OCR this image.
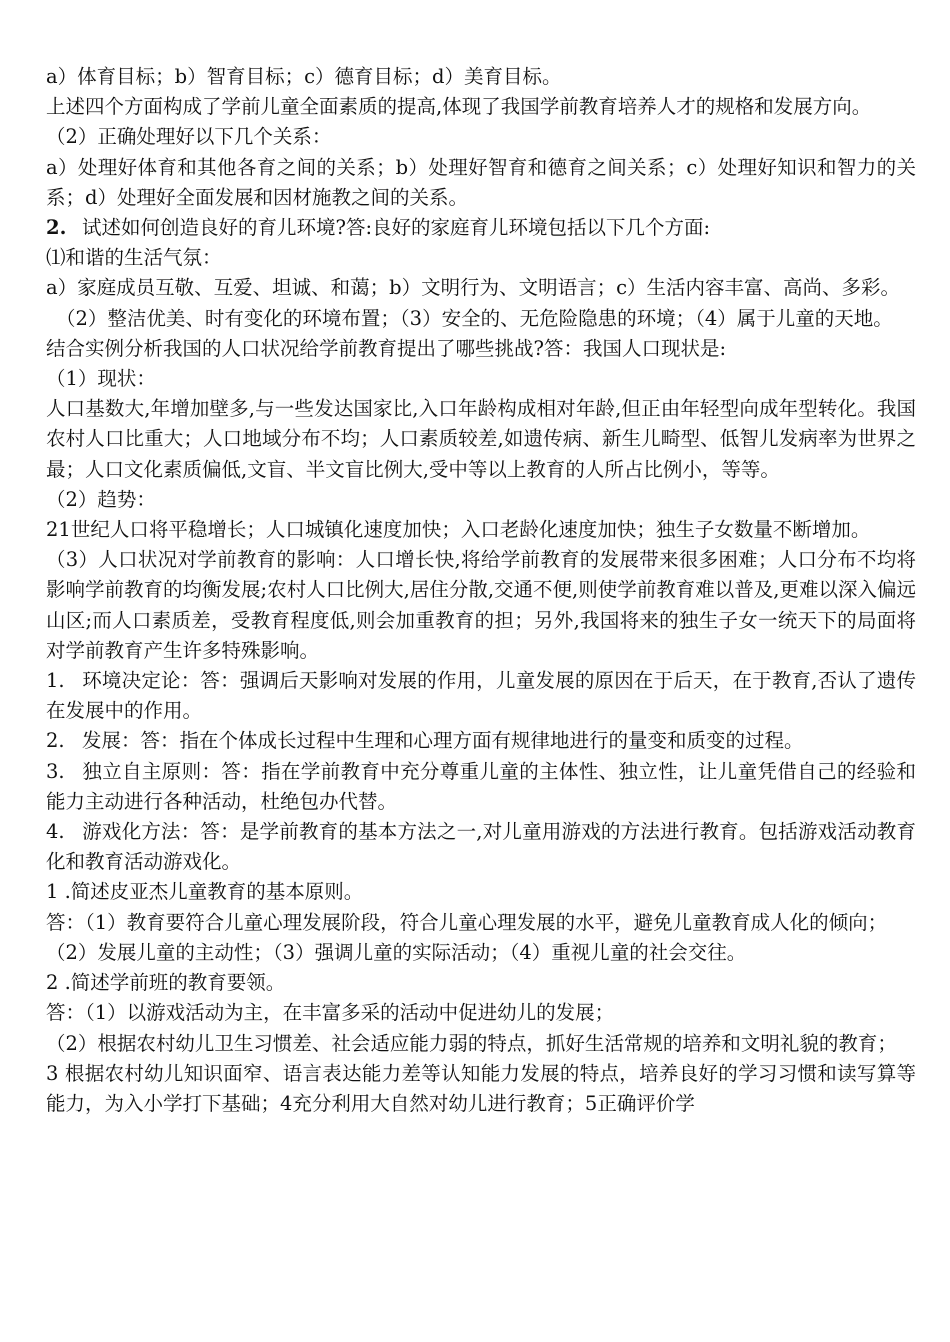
a）体育目标；b）智育目标；c）德育目标；d）美育目标。

上述四个方面构成了学前儿童全面素质的提高,体现了我国学前教育培养人才的规格和发展方向。

（2）正确处理好以下几个关系：

a）处理好体育和其他各育之间的关系；b）处理好智育和德育之间关系；c）处理好知识和智力的关系；d）处理好全面发展和因材施教之间的关系。

2. 试述如何创造良好的育儿环境?答:良好的家庭育儿环境包括以下几个方面:

⑴和谐的生活气氛：

a）家庭成员互敬、互爱、坦诚、和蔼；b）文明行为、文明语言；c）生活内容丰富、高尚、多彩。

（2）整洁优美、时有变化的环境布置；（3）安全的、无危险隐患的环境；（4）属于儿童的天地。

结合实例分析我国的人口状况给学前教育提出了哪些挑战?答：我国人口现状是:

（1）现状：

人口基数大,年增加壁多,与一些发达国家比,入口年龄构成相对年龄,但正由年轻型向成年型转化。我国农村人口比重大；人口地域分布不均；人口素质较差,如遗传病、新生儿畸型、低智儿发病率为世界之最；人口文化素质偏低,文盲、半文盲比例大,受中等以上教育的人所占比例小，等等。

（2）趋势：

21世纪人口将平稳增长；人口城镇化速度加快；入口老龄化速度加快；独生子女数量不断增加。

（3）人口状况对学前教育的影响：人口增长快,将给学前教育的发展带来很多困难；人口分布不均将影响学前教育的均衡发展;农村人口比例大,居住分散,交通不便,则使学前教育难以普及,更难以深入偏远山区;而人口素质差，受教育程度低,则会加重教育的担；另外,我国将来的独生子女一统天下的局面将对学前教育产生许多特殊影响。

1. 环境决定论：答：强调后天影响对发展的作用，儿童发展的原因在于后天，在于教育,否认了遗传在发展中的作用。

2. 发展：答：指在个体成长过程中生理和心理方面有规律地进行的量变和质变的过程。

3. 独立自主原则：答：指在学前教育中充分尊重儿童的主体性、独立性，让儿童凭借自己的经验和能力主动进行各种活动，杜绝包办代替。

4. 游戏化方法：答：是学前教育的基本方法之一,对儿童用游戏的方法进行教育。包括游戏活动教育化和教育活动游戏化。

1 .简述皮亚杰儿童教育的基本原则。

答：（1）教育要符合儿童心理发展阶段，符合儿童心理发展的水平，避免儿童教育成人化的倾向；

（2）发展儿童的主动性；（3）强调儿童的实际活动；（4）重视儿童的社会交往。

2 .简述学前班的教育要领。

答：（1）以游戏活动为主，在丰富多采的活动中促进幼儿的发展；

（2）根据农村幼儿卫生习惯差、社会适应能力弱的特点，抓好生活常规的培养和文明礼貌的教育；

3 根据农村幼儿知识面窄、语言表达能力差等认知能力发展的特点，培养良好的学习习惯和读写算等能力，为入小学打下基础；4充分利用大自然对幼儿进行教育；5正确评价学
